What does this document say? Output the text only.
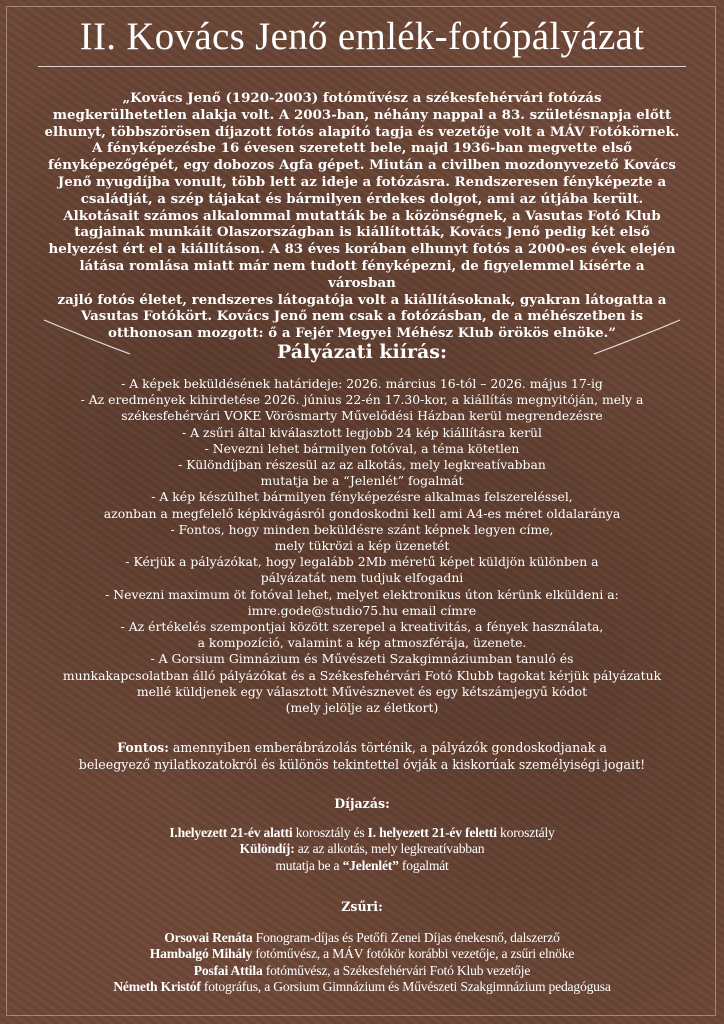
II. Kovács Jenő emlék-fotópályázat
„Kovács Jenő (1920-2003) fotóművész a székesfehérvári fotózás
megkerülhetetlen alakja volt. A 2003-ban, néhány nappal a 83. születésnapja előtt
elhunyt, többszörösen díjazott fotós alapító tagja és vezetője volt a MÁV Fotókörnek.
A fényképezésbe 16 évesen szeretett bele, majd 1936-ban megvette első
fényképezőgépét, egy dobozos Agfa gépet. Miután a civilben mozdonyvezető Kovács
Jenő nyugdíjba vonult, több lett az ideje a fotózásra. Rendszeresen fényképezte a
családját, a szép tájakat és bármilyen érdekes dolgot, ami az útjába került.
Alkotásait számos alkalommal mutatták be a közönségnek, a Vasutas Fotó Klub
tagjainak munkáit Olaszországban is kiállították, Kovács Jenő pedig két első
helyezést ért el a kiállításon. A 83 éves korában elhunyt fotós a 2000-es évek elején
látása romlása miatt már nem tudott fényképezni, de figyelemmel kísérte a városban
zajló fotós életet, rendszeres látogatója volt a kiállításoknak, gyakran látogatta a
Vasutas Fotókört. Kovács Jenő nem csak a fotózásban, de a méhészetben is
otthonosan mozgott: ő a Fejér Megyei Méhész Klub örökös elnöke.”
Pályázati kiírás:
- A képek beküldésének határideje: 2026. március 16-tól – 2026. május 17-ig
- Az eredmények kihirdetése 2026. június 22-én 17.30-kor, a kiállítás megnyitóján, mely a
székesfehérvári VOKE Vörösmarty Művelődési Házban kerül megrendezésre
- A zsűri által kiválasztott legjobb 24 kép kiállításra kerül
- Nevezni lehet bármilyen fotóval, a téma kötetlen
- Különdíjban részesül az az alkotás, mely legkreatívabban
mutatja be a “Jelenlét” fogalmát
- A kép készülhet bármilyen fényképezésre alkalmas felszereléssel,
azonban a megfelelő képkivágásról gondoskodni kell ami A4-es méret oldalaránya
- Fontos, hogy minden beküldésre szánt képnek legyen címe,
mely tükrözi a kép üzenetét
- Kérjük a pályázókat, hogy legalább 2Mb méretű képet küldjön különben a
pályázatát nem tudjuk elfogadni
- Nevezni maximum öt fotóval lehet, melyet elektronikus úton kérünk elküldeni a:
imre.gode@studio75.hu email címre
- Az értékelés szempontjai között szerepel a kreativitás, a fények használata,
a kompozíció, valamint a kép atmoszférája, üzenete.
- A Gorsium Gimnázium és Művészeti Szakgimnáziumban tanuló és
munkakapcsolatban álló pályázókat és a Székesfehérvári Fotó Klubb tagokat kérjük pályázatuk
mellé küldjenek egy választott Művésznevet és egy kétszámjegyű kódot
(mely jelölje az életkort)
Fontos: amennyiben emberábrázolás történik, a pályázók gondoskodjanak a
beleegyező nyilatkozatokról és különös tekintettel óvják a kiskorúak személyiségi jogait!
Díjazás:
I.helyezett 21-év alatti korosztály és I. helyezett 21-év feletti korosztály
Különdíj: az az alkotás, mely legkreatívabban
mutatja be a “Jelenlét” fogalmát
Zsűri:
Orsovai Renáta Fonogram-díjas és Petőfi Zenei Díjas énekesnő, dalszerző
Hambalgó Mihály fotóművész, a MÁV fotókör korábbi vezetője, a zsűri elnöke
Posfai Attila fotóművész, a Székesfehérvári Fotó Klub vezetője
Németh Kristóf fotográfus, a Gorsium Gimnázium és Művészeti Szakgimnázium pedagógusa
